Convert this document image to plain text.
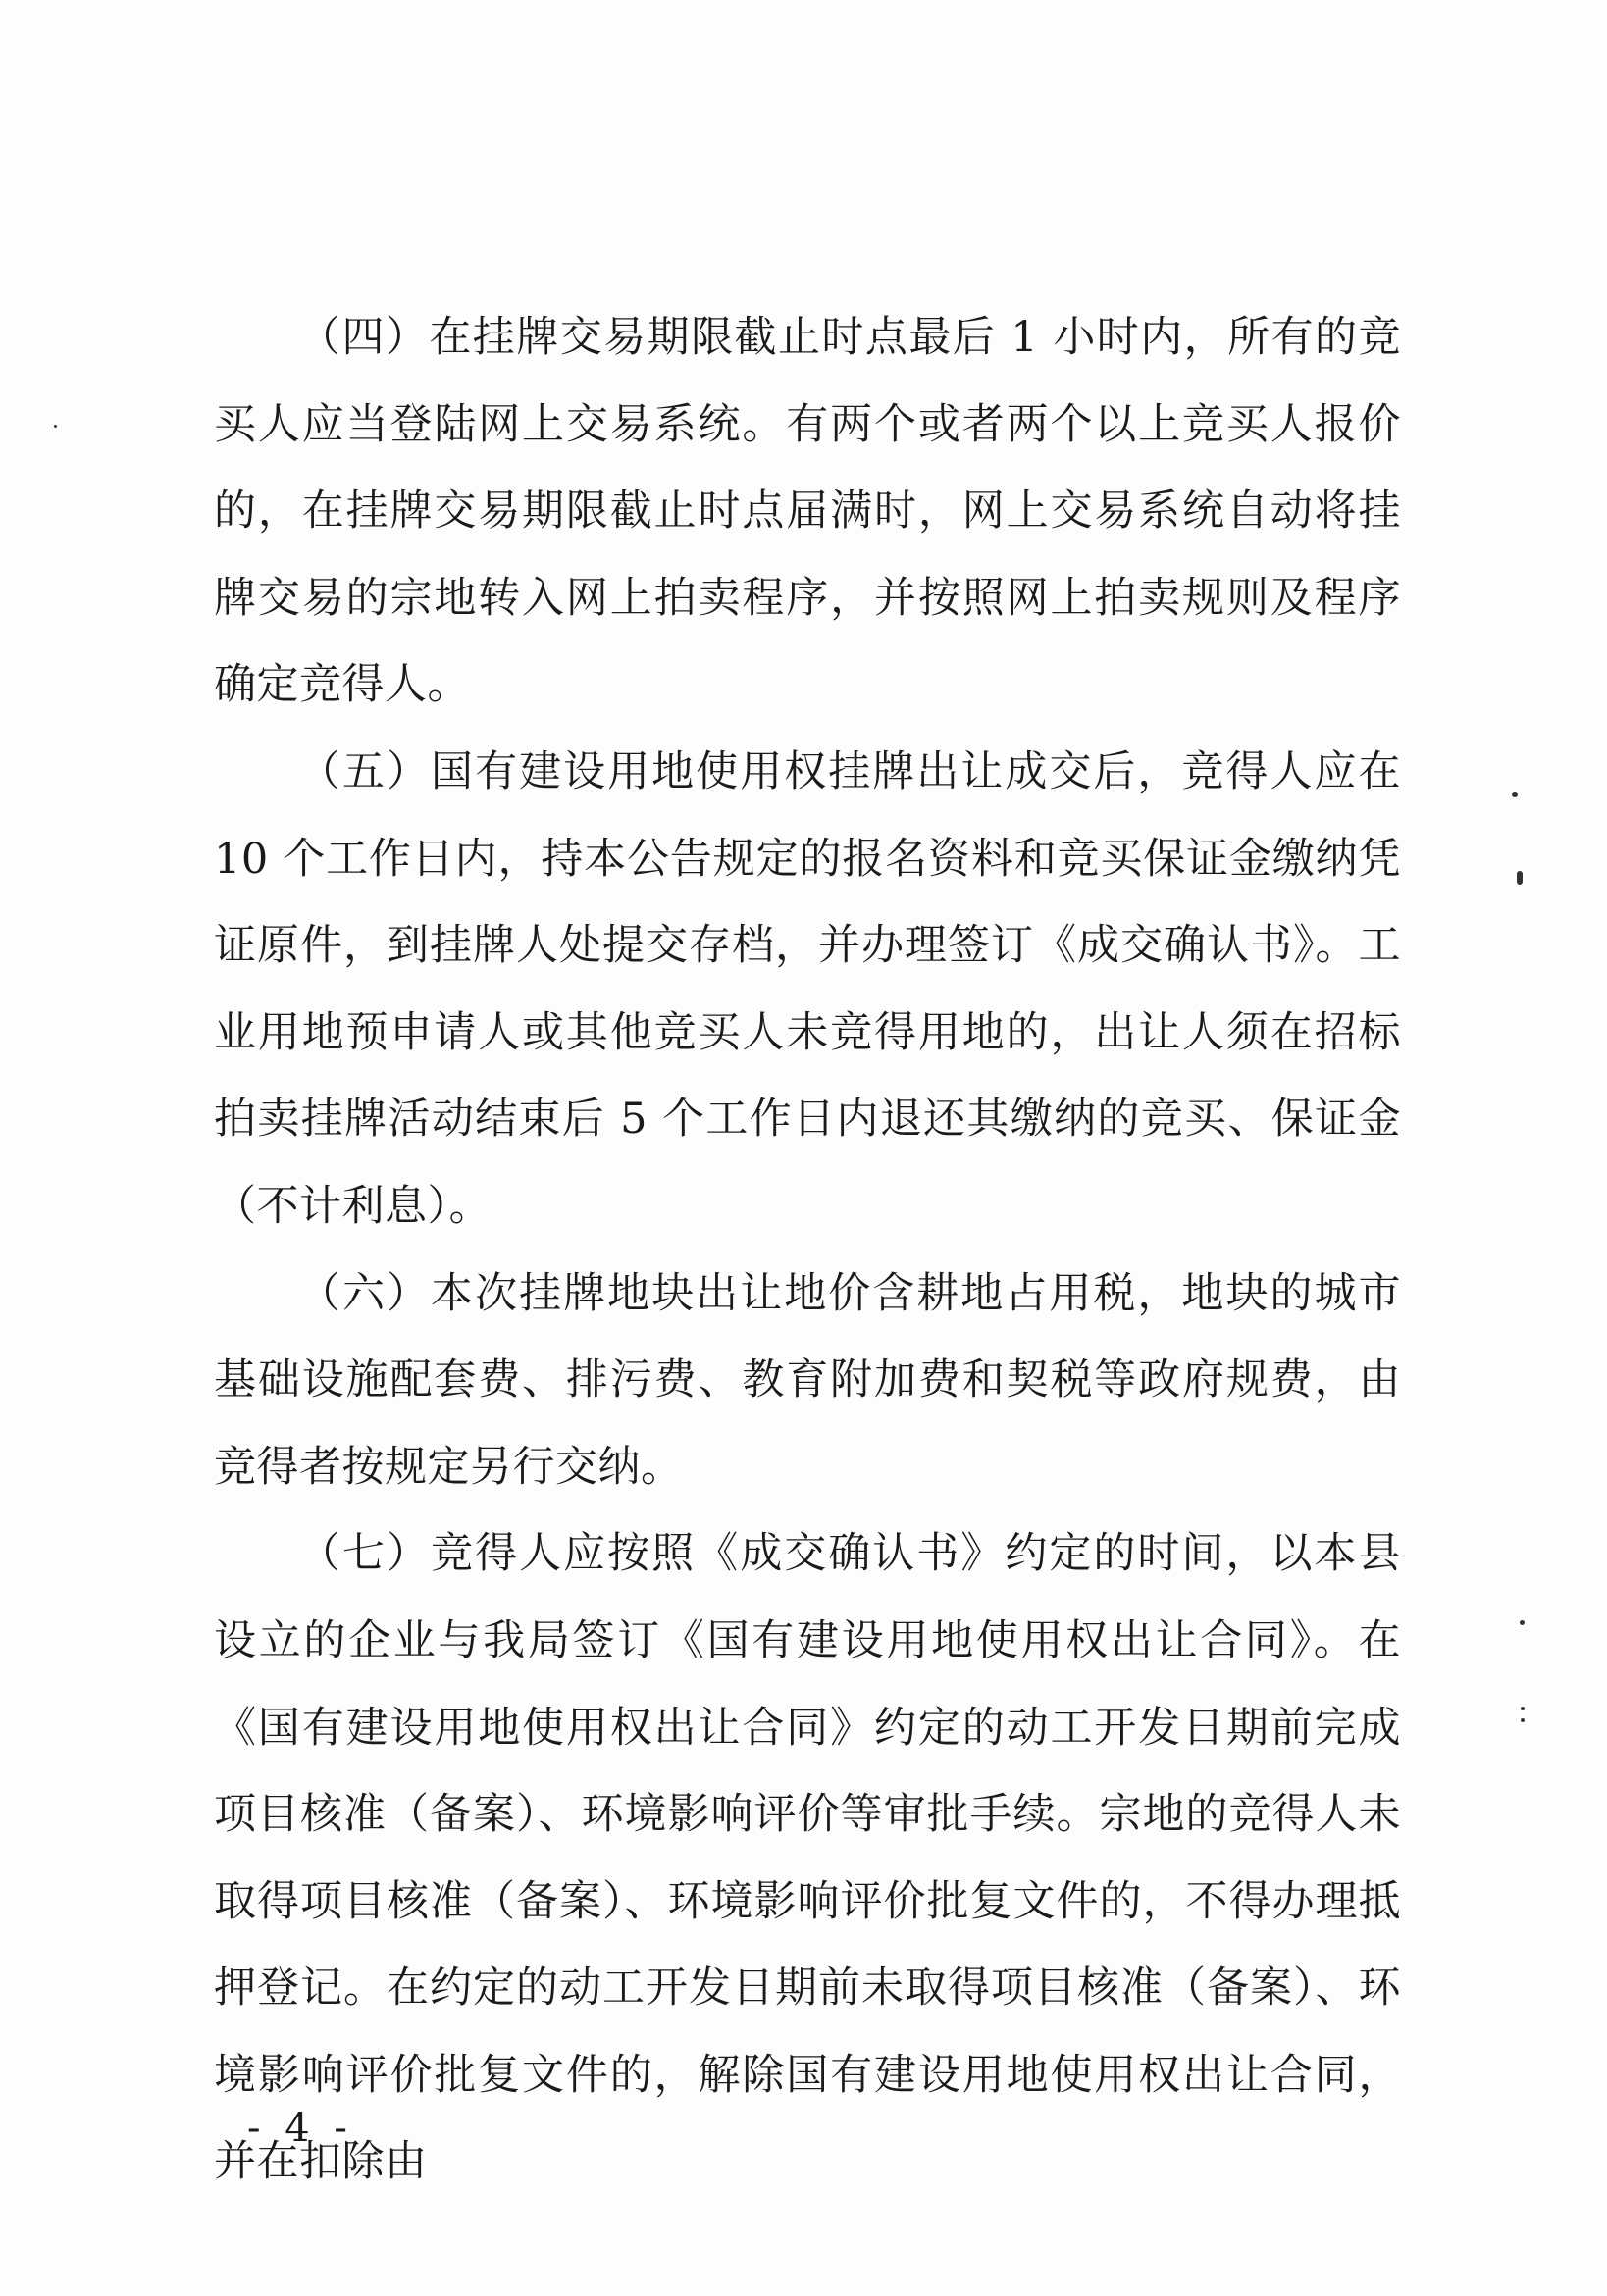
（四）在挂牌交易期限截止时点最后 1 小时内，所有的竞买人应当登陆网上交易系统。有两个或者两个以上竞买人报价的，在挂牌交易期限截止时点届满时，网上交易系统自动将挂牌交易的宗地转入网上拍卖程序，并按照网上拍卖规则及程序确定竞得人。

（五）国有建设用地使用权挂牌出让成交后，竞得人应在 10 个工作日内，持本公告规定的报名资料和竞买保证金缴纳凭证原件，到挂牌人处提交存档，并办理签订《成交确认书》。工业用地预申请人或其他竞买人未竞得用地的，出让人须在招标拍卖挂牌活动结束后 5 个工作日内退还其缴纳的竞买、保证金（不计利息）。

（六）本次挂牌地块出让地价含耕地占用税，地块的城市基础设施配套费、排污费、教育附加费和契税等政府规费，由竞得者按规定另行交纳。

（七）竞得人应按照《成交确认书》约定的时间，以本县设立的企业与我局签订《国有建设用地使用权出让合同》。在《国有建设用地使用权出让合同》约定的动工开发日期前完成项目核准（备案）、环境影响评价等审批手续。宗地的竞得人未取得项目核准（备案）、环境影响评价批复文件的，不得办理抵押登记。在约定的动工开发日期前未取得项目核准（备案）、环境影响评价批复文件的，解除国有建设用地使用权出让合同，并在扣除由

- 4 -
